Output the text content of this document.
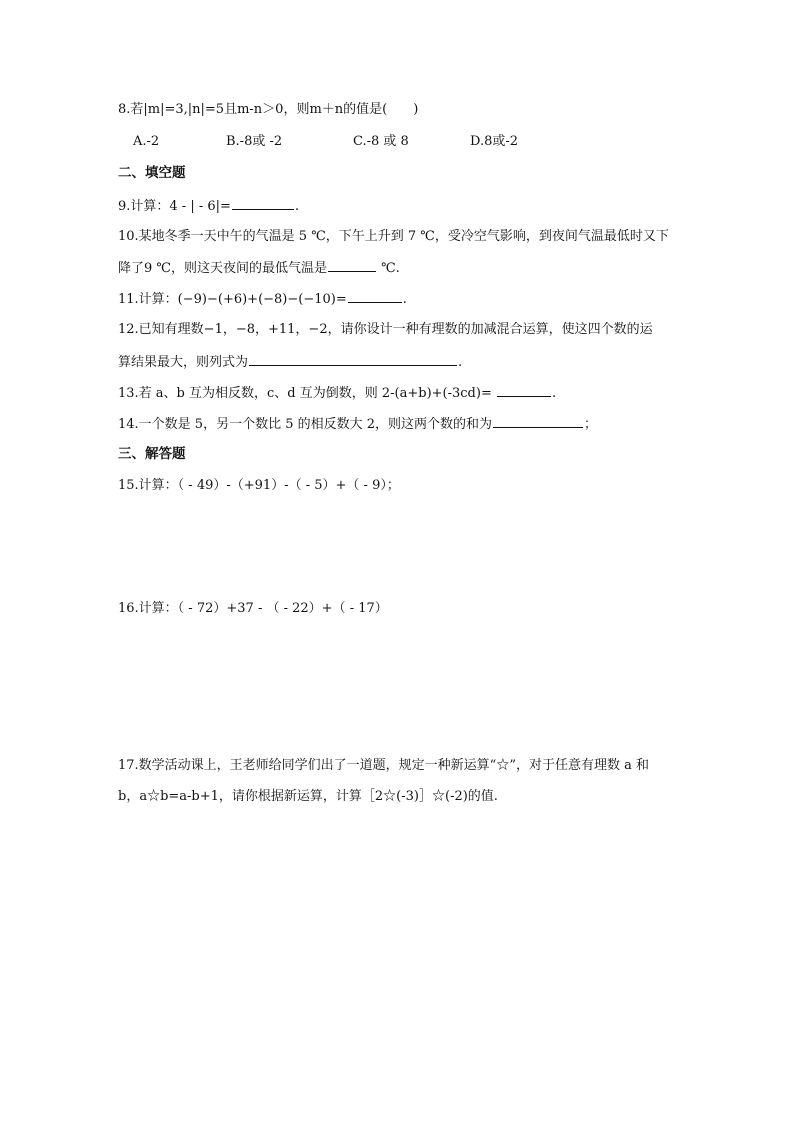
8.若|m|=3,|n|=5且m-n＞0，则m＋n的值是(　　)
A.-2	B.-8或 -2	C.-8 或 8	D.8或-2
二、填空题
9.计算：4 - | - 6|=	.
10.某地冬季一天中午的气温是 5 ℃，下午上升到 7 ℃，受冷空气影响，到夜间气温最低时又下
降了9 ℃，则这天夜间的最低气温是	℃.
11.计算：(−9)−(+6)+(−8)−(−10)=	.
12.已知有理数−1，−8，+11，−2，请你设计一种有理数的加减混合运算，使这四个数的运
算结果最大，则列式为	.
13.若 a、b 互为相反数，c、d 互为倒数，则 2-(a+b)+(-3cd)=	.
14.一个数是 5，另一个数比 5 的相反数大 2，则这两个数的和为	；
三、解答题
15.计算：（ - 49）-（+91）-（ - 5）+（ - 9）；
16.计算：（ - 72）+37 - （ - 22）+（ - 17）
17.数学活动课上，王老师给同学们出了一道题，规定一种新运算“☆”，对于任意有理数 a 和
b，a☆b=a-b+1，请你根据新运算，计算［2☆(-3)］☆(-2)的值.
